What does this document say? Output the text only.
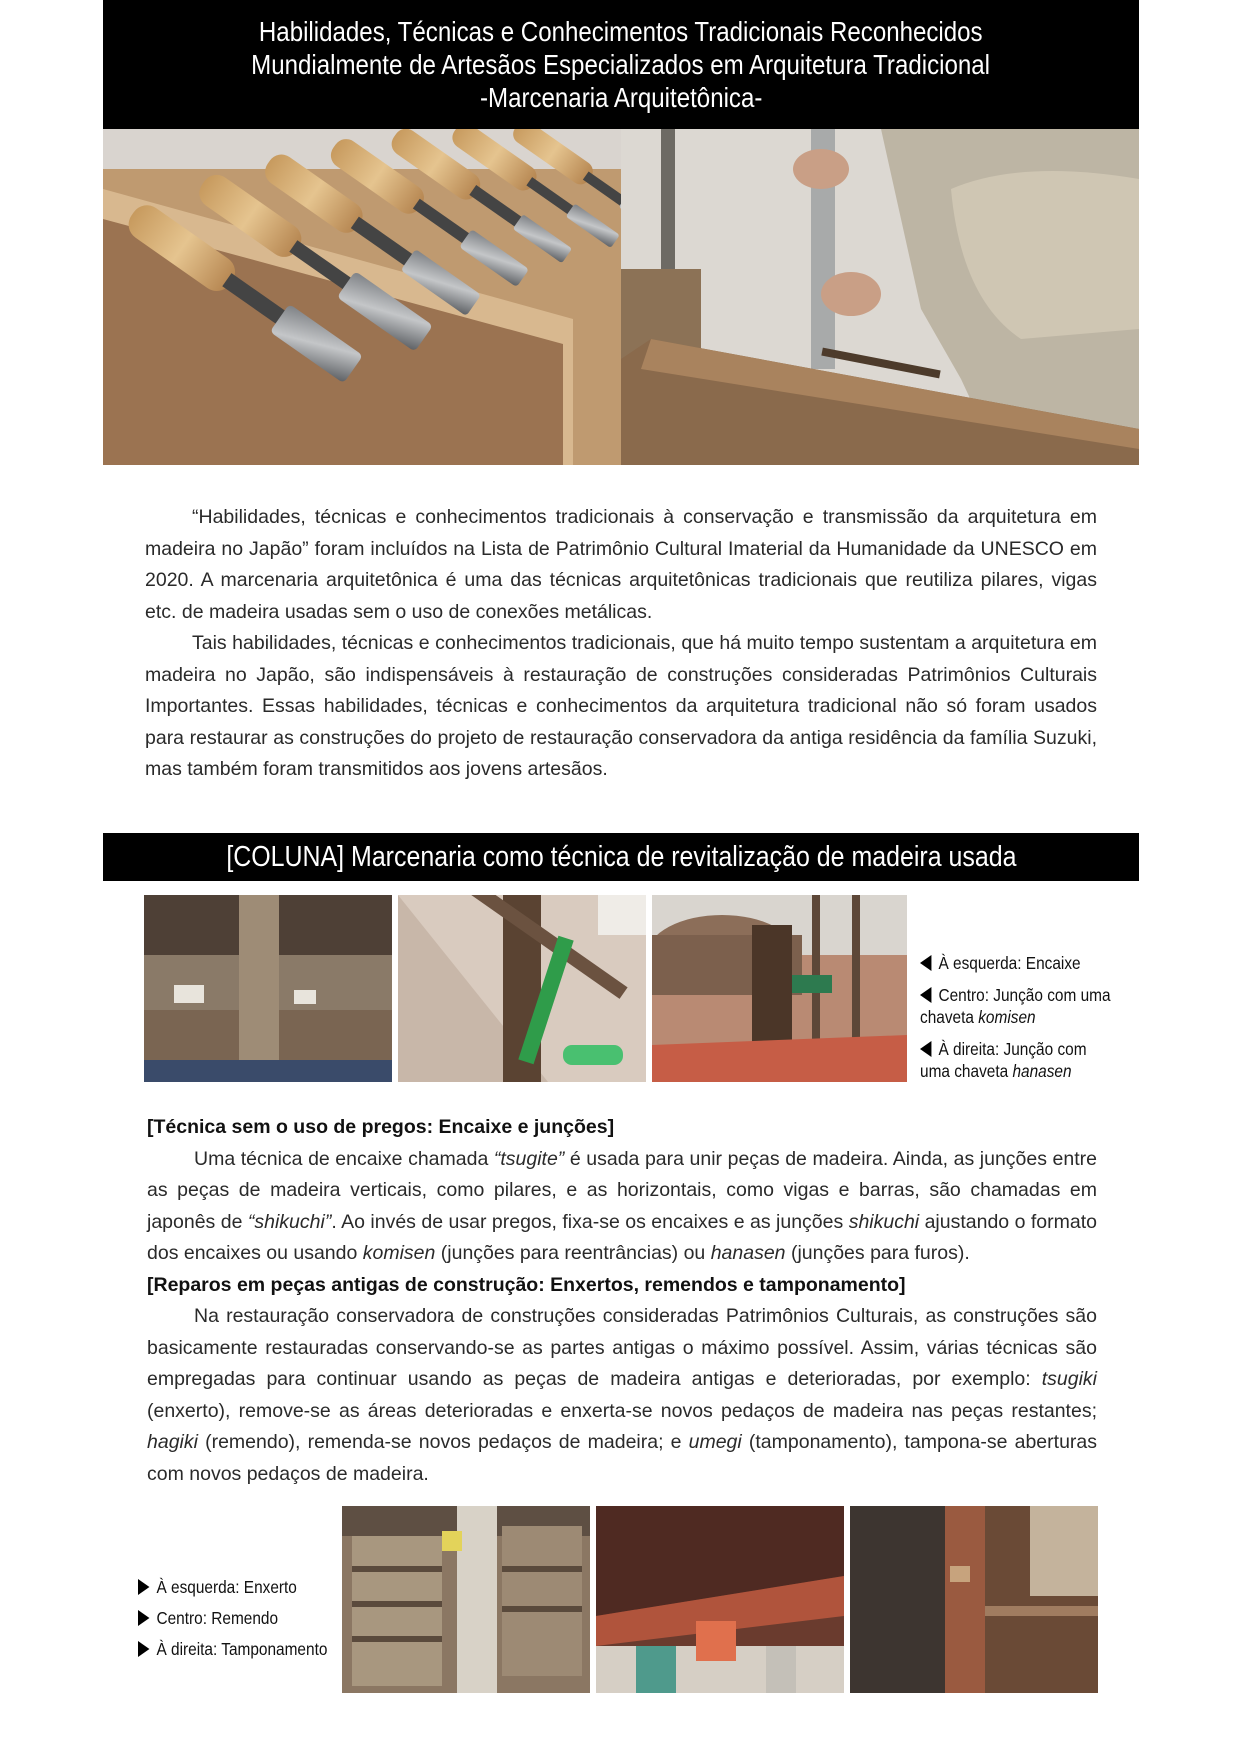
Habilidades, Técnicas e Conhecimentos Tradicionais Reconhecidos
Mundialmente de Artesãos Especializados em Arquitetura Tradicional
-Marcenaria Arquitetônica-

“Habilidades, técnicas e conhecimentos tradicionais à conservação e transmissão da arquitetura em madeira no Japão” foram incluídos na Lista de Patrimônio Cultural Imaterial da Humanidade da UNESCO em 2020. A marcenaria arquitetônica é uma das técnicas arquitetônicas tradicionais que reutiliza pilares, vigas etc. de madeira usadas sem o uso de conexões metálicas.

Tais habilidades, técnicas e conhecimentos tradicionais, que há muito tempo sustentam a arquitetura em madeira no Japão, são indispensáveis à restauração de construções consideradas Patrimônios Culturais Importantes. Essas habilidades, técnicas e conhecimentos da arquitetura tradicional não só foram usados para restaurar as construções do projeto de restauração conservadora da antiga residência da família Suzuki, mas também foram transmitidos aos jovens artesãos.

[COLUNA] Marcenaria como técnica de revitalização de madeira usada
À esquerda: Encaixe
Centro: Junção com uma chaveta komisen
À direita: Junção com uma chaveta hanasen
[Técnica sem o uso de pregos: Encaixe e junções]

Uma técnica de encaixe chamada “tsugite” é usada para unir peças de madeira. Ainda, as junções entre as peças de madeira verticais, como pilares, e as horizontais, como vigas e barras, são chamadas em japonês de “shikuchi”. Ao invés de usar pregos, fixa-se os encaixes e as junções shikuchi ajustando o formato dos encaixes ou usando komisen (junções para reentrâncias) ou hanasen (junções para furos).

[Reparos em peças antigas de construção: Enxertos, remendos e tamponamento]

Na restauração conservadora de construções consideradas Patrimônios Culturais, as construções são basicamente restauradas conservando-se as partes antigas o máximo possível. Assim, várias técnicas são empregadas para continuar usando as peças de madeira antigas e deterioradas, por exemplo: tsugiki (enxerto), remove-se as áreas deterioradas e enxerta-se novos pedaços de madeira nas peças restantes; hagiki (remendo), remenda-se novos pedaços de madeira; e umegi (tamponamento), tampona-se aberturas com novos pedaços de madeira.

À esquerda: Enxerto
Centro: Remendo
À direita: Tamponamento
